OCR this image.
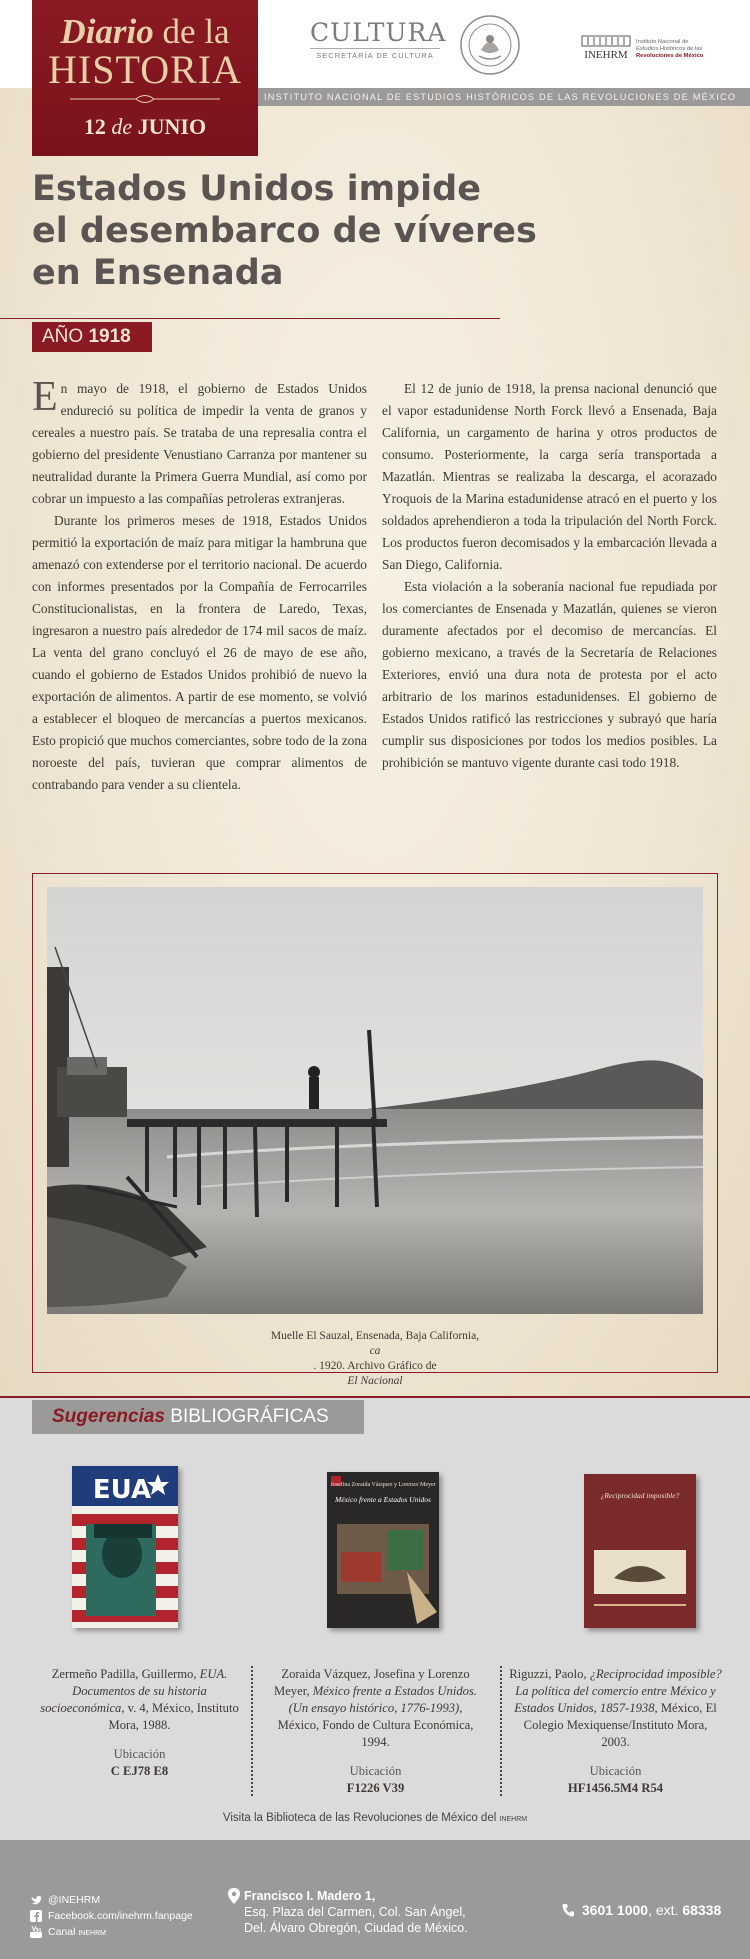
INSTITUTO NACIONAL DE ESTUDIOS HISTÓRICOS DE LAS REVOLUCIONES DE MÉXICO
Diario de la
HISTORIA
12 de JUNIO
CULTURA
SECRETARÍA DE CULTURA	INEHRM
Instituto Nacional de
Estudios Históricos de las
Revoluciones de México
Estados Unidos impide
el desembarco de víveres
en Ensenada
AÑO 1918

En mayo de 1918, el gobierno de Estados Unidos endureció su política de impedir la venta de granos y cereales a nuestro país. Se trataba de una represalia contra el gobierno del presidente Venustiano Carranza por mantener su neutralidad durante la Primera Guerra Mundial, así como por cobrar un impuesto a las compañías petroleras extranjeras.

Durante los primeros meses de 1918, Estados Unidos permitió la exportación de maíz para mitigar la hambruna que amenazó con extenderse por el territorio nacional. De acuerdo con informes presentados por la Compañía de Ferrocarriles Constitucionalistas, en la frontera de Laredo, Texas, ingresaron a nuestro país alrededor de 174 mil sacos de maíz. La venta del grano concluyó el 26 de mayo de ese año, cuando el gobierno de Estados Unidos prohibió de nuevo la exportación de alimentos. A partir de ese momento, se volvió a establecer el bloqueo de mercancías a puertos mexicanos. Esto propició que muchos comerciantes, sobre todo de la zona noroeste del país, tuvieran que comprar alimentos de contrabando para vender a su clientela.

El 12 de junio de 1918, la prensa nacional denunció que el vapor estadunidense North Forck llevó a Ensenada, Baja California, un cargamento de harina y otros productos de consumo. Posteriormente, la carga sería transportada a Mazatlán. Mientras se realizaba la descarga, el acorazado Yroquois de la Marina estadunidense atracó en el puerto y los soldados aprehendieron a toda la tripulación del North Forck. Los productos fueron decomisados y la embarcación llevada a San Diego, California.

Esta violación a la soberanía nacional fue repudiada por los comerciantes de Ensenada y Mazatlán, quienes se vieron duramente afectados por el decomiso de mercancías. El gobierno mexicano, a través de la Secretaría de Relaciones Exteriores, envió una dura nota de protesta por el acto arbitrario de los marinos estadunidenses. El gobierno de Estados Unidos ratificó las restricciones y subrayó que haría cumplir sus disposiciones por todos los medios posibles. La prohibición se mantuvo vigente durante casi todo 1918.

Muelle El Sauzal, Ensenada, Baja California,
ca
. 1920. Archivo Gráfico de
El Nacional
Sugerencias BIBLIOGRÁFICAS
EUA	Josefina Zoraida Vázquez y Lorenzo Meyer
México frente a Estados Unidos	¿Reciprocidad imposible?
Zermeño Padilla, Guillermo, EUA. Documentos de su historia socioeconómica, v. 4, México, Instituto Mora, 1988.
Ubicación
C EJ78 E8
Zoraida Vázquez, Josefina y Lorenzo Meyer, México frente a Estados Unidos. (Un ensayo histórico, 1776-1993), México, Fondo de Cultura Económica, 1994.
Ubicación
F1226 V39
Riguzzi, Paolo, ¿Reciprocidad imposible? La política del comercio entre México y Estados Unidos, 1857-1938, México, El Colegio Mexiquense/Instituto Mora, 2003.
Ubicación
HF1456.5M4 R54
Visita la Biblioteca de las Revoluciones de México del inehrm
@INEHRM
Facebook.com/inehrm.fanpage
Canal inehrm
Francisco I. Madero 1,
Esq. Plaza del Carmen, Col. San Ángel,
Del. Álvaro Obregón, Ciudad de México.
3601 1000, ext. 68338
